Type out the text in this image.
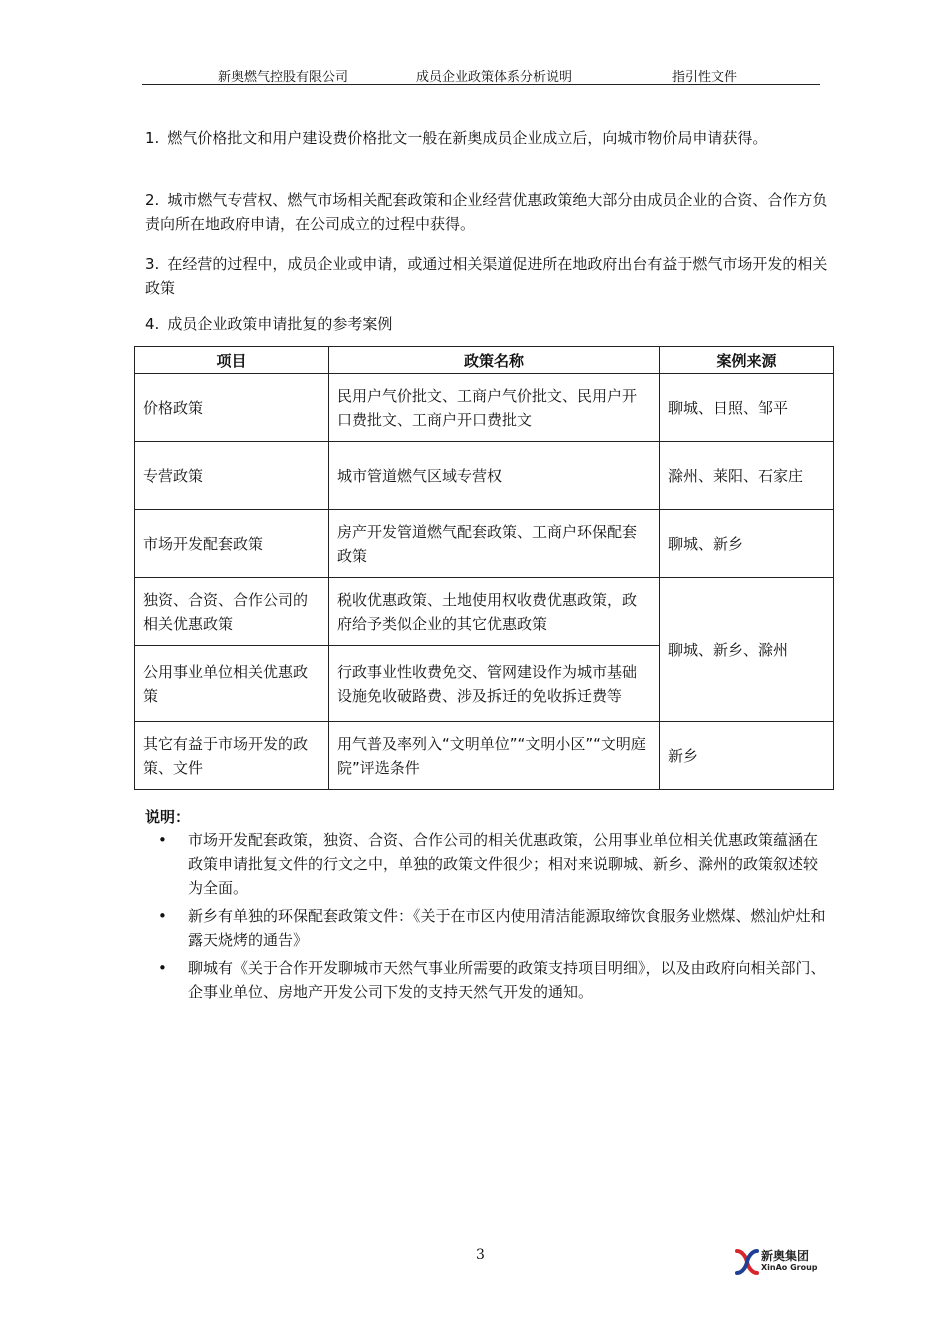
新奥燃气控股有限公司	成员企业政策体系分析说明	指引性文件
1. 燃气价格批文和用户建设费价格批文一般在新奥成员企业成立后，向城市物价局申请获得。
2. 城市燃气专营权、燃气市场相关配套政策和企业经营优惠政策绝大部分由成员企业的合资、合作方负责向所在地政府申请，在公司成立的过程中获得。
3. 在经营的过程中，成员企业或申请，或通过相关渠道促进所在地政府出台有益于燃气市场开发的相关政策
4. 成员企业政策申请批复的参考案例
项目	政策名称	案例来源
价格政策	民用户气价批文、工商户气价批文、民用户开口费批文、工商户开口费批文	聊城、日照、邹平
专营政策	城市管道燃气区域专营权	滁州、莱阳、石家庄
市场开发配套政策	房产开发管道燃气配套政策、工商户环保配套政策	聊城、新乡
独资、合资、合作公司的相关优惠政策	税收优惠政策、土地使用权收费优惠政策，政府给予类似企业的其它优惠政策	聊城、新乡、滁州
公用事业单位相关优惠政策	行政事业性收费免交、管网建设作为城市基础设施免收破路费、涉及拆迁的免收拆迁费等	
其它有益于市场开发的政策、文件	用气普及率列入“文明单位”“文明小区”“文明庭院”评选条件	新乡
说明：
• 市场开发配套政策，独资、合资、合作公司的相关优惠政策，公用事业单位相关优惠政策蕴涵在政策申请批复文件的行文之中，单独的政策文件很少；相对来说聊城、新乡、滁州的政策叙述较为全面。
• 新乡有单独的环保配套政策文件：《关于在市区内使用清洁能源取缔饮食服务业燃煤、燃汕炉灶和露天烧烤的通告》
• 聊城有《关于合作开发聊城市天然气事业所需要的政策支持项目明细》，以及由政府向相关部门、企事业单位、房地产开发公司下发的支持天然气开发的通知。
3	新奥集团
XinAo Group
